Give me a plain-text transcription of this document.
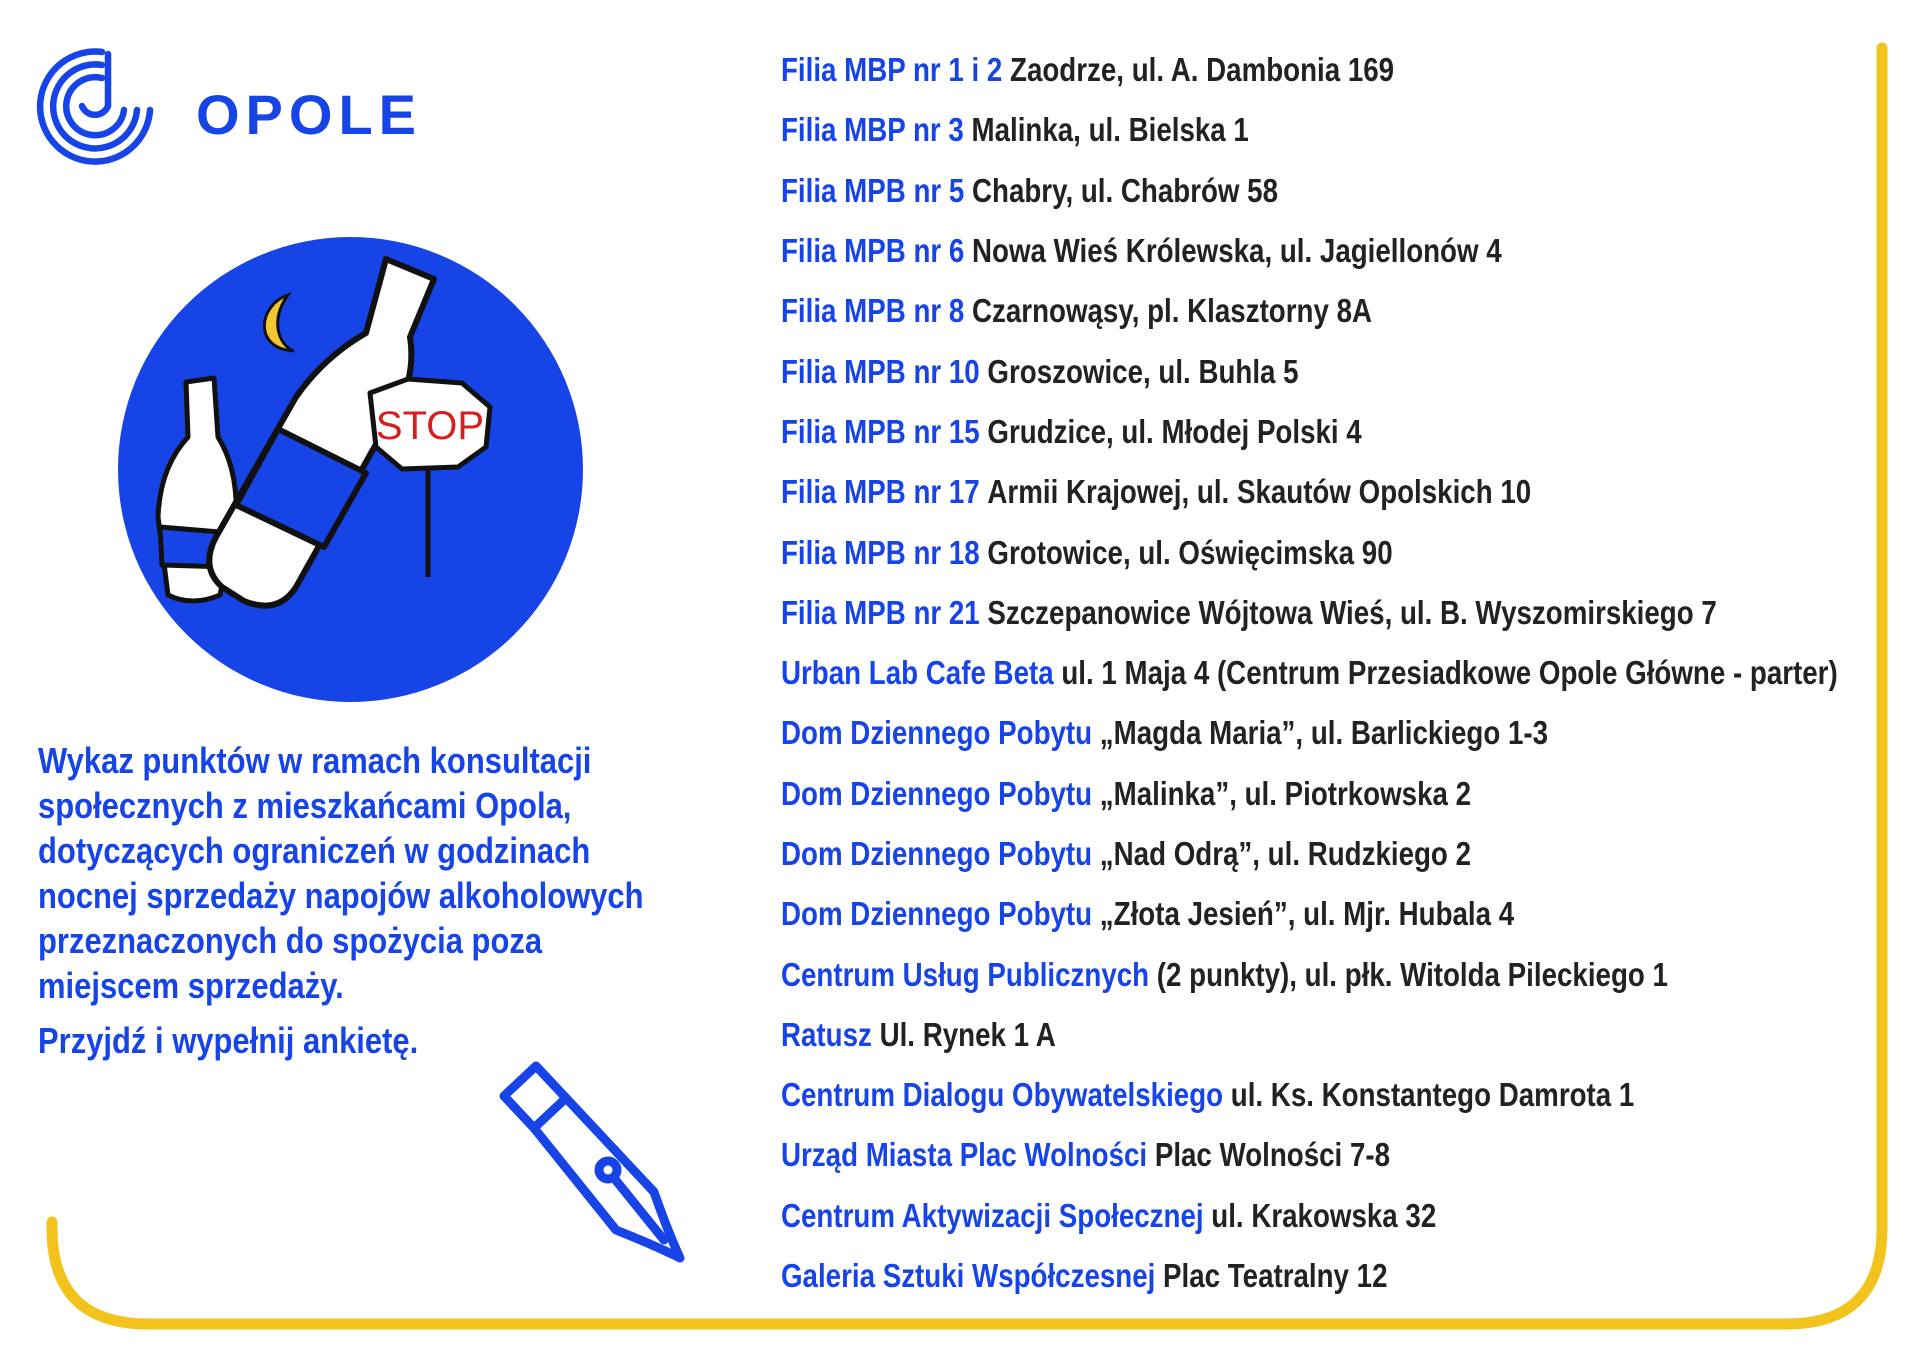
OPOLE
STOP

Wykaz punktów w ramach konsultacji społecznych z mieszkańcami Opola, dotyczących ograniczeń w godzinach nocnej sprzedaży napojów alkoholowych przeznaczonych do spożycia poza miejscem sprzedaży.

Przyjdź i wypełnij ankietę.

Filia MBP nr 1 i 2
Zaodrze, ul. A. Dambonia 169
Filia MBP nr 3
Malinka, ul. Bielska 1
Filia MPB nr 5
Chabry, ul. Chabrów 58
Filia MPB nr 6
Nowa Wieś Królewska, ul. Jagiellonów 4
Filia MPB nr 8
Czarnowąsy, pl. Klasztorny 8A
Filia MPB nr 10
Groszowice, ul. Buhla 5
Filia MPB nr 15
Grudzice, ul. Młodej Polski 4
Filia MPB nr 17
Armii Krajowej, ul. Skautów Opolskich 10
Filia MPB nr 18
Grotowice, ul. Oświęcimska 90
Filia MPB nr 21
Szczepanowice Wójtowa Wieś, ul. B. Wyszomirskiego 7
Urban Lab Cafe Beta
ul. 1 Maja 4 (Centrum Przesiadkowe Opole Główne - parter)
Dom Dziennego Pobytu
„Magda Maria”, ul. Barlickiego 1-3
Dom Dziennego Pobytu
„Malinka”, ul. Piotrkowska 2
Dom Dziennego Pobytu
„Nad Odrą”, ul. Rudzkiego 2
Dom Dziennego Pobytu
„Złota Jesień”, ul. Mjr. Hubala 4
Centrum Usług Publicznych
(2 punkty), ul. płk. Witolda Pileckiego 1
Ratusz
Ul. Rynek 1 A
Centrum Dialogu Obywatelskiego
ul. Ks. Konstantego Damrota 1
Urząd Miasta Plac Wolności
Plac Wolności 7-8
Centrum Aktywizacji Społecznej
ul. Krakowska 32
Galeria Sztuki Współczesnej
Plac Teatralny 12
